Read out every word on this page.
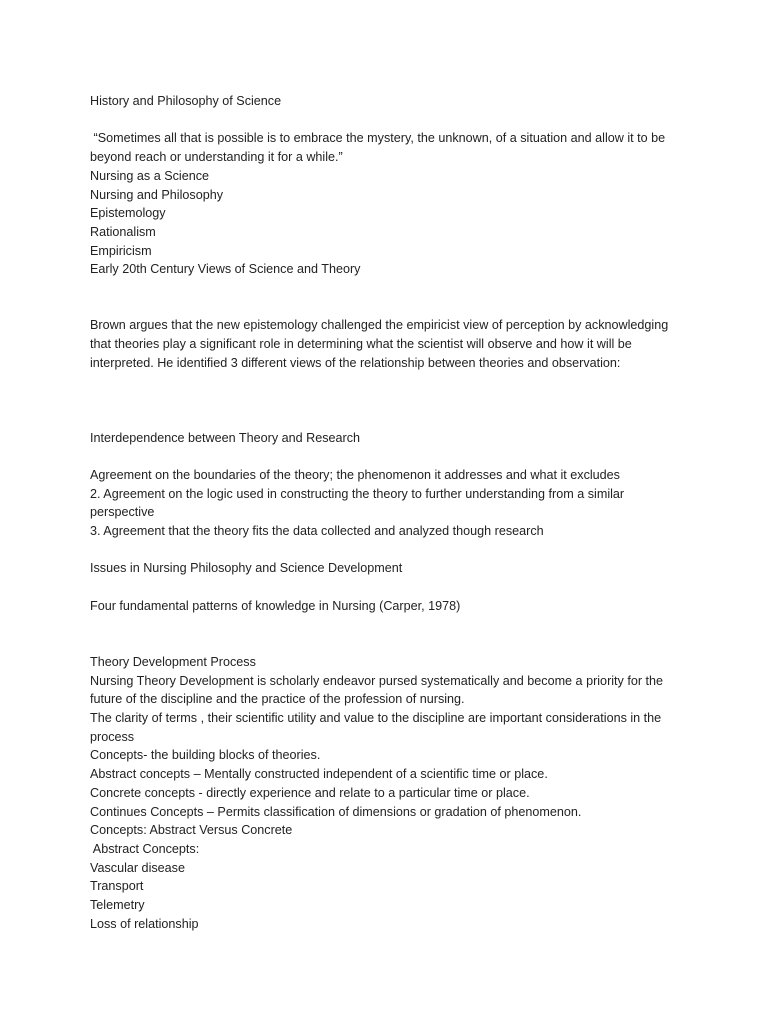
History and Philosophy of Science

“Sometimes all that is possible is to embrace the mystery, the unknown, of a situation and allow it to be

beyond reach or understanding it for a while.”

Nursing as a Science

Nursing and Philosophy

Epistemology

Rationalism

Empiricism

Early 20th Century Views of Science and Theory

Brown argues that the new epistemology challenged the empiricist view of perception by acknowledging

that theories play a significant role in determining what the scientist will observe and how it will be

interpreted. He identified 3 different views of the relationship between theories and observation:

Interdependence between Theory and Research

Agreement on the boundaries of the theory; the phenomenon it addresses and what it excludes

2. Agreement on the logic used in constructing the theory to further understanding from a similar

perspective

3. Agreement that the theory fits the data collected and analyzed though research

Issues in Nursing Philosophy and Science Development

Four fundamental patterns of knowledge in Nursing (Carper, 1978)

Theory Development Process

Nursing Theory Development is scholarly endeavor pursed systematically and become a priority for the

future of the discipline and the practice of the profession of nursing.

The clarity of terms , their scientific utility and value to the discipline are important considerations in the

process

Concepts- the building blocks of theories.

Abstract concepts – Mentally constructed independent of a scientific time or place.

Concrete concepts - directly experience and relate to a particular time or place.

Continues Concepts – Permits classification of dimensions or gradation of phenomenon.

Concepts: Abstract Versus Concrete

Abstract Concepts:

Vascular disease

Transport

Telemetry

Loss of relationship
